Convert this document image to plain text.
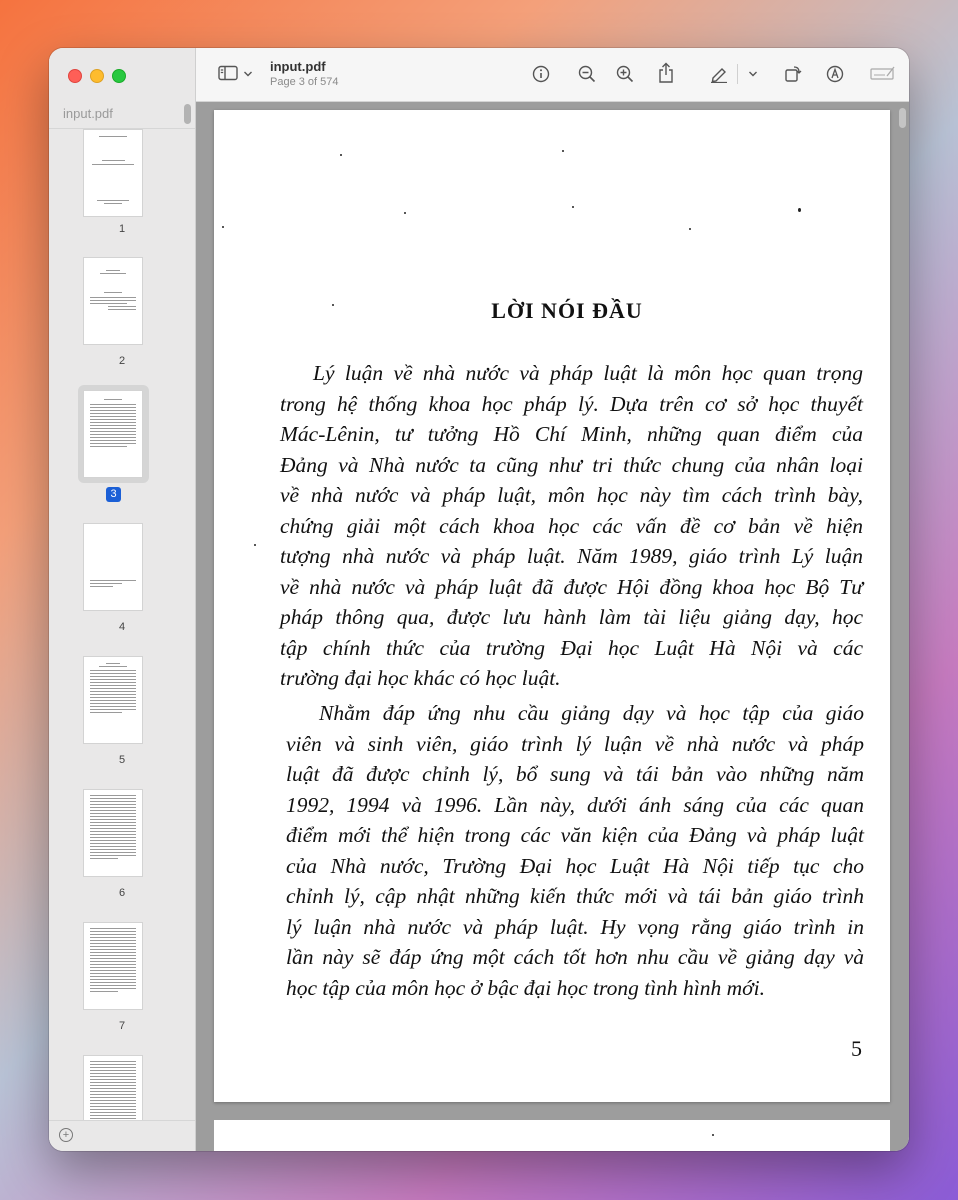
input.pdf
1
2
3
4
5
6
7
+
input.pdf
Page 3 of 574
LỜI NÓI ĐẦU
Lý luận về nhà nước và pháp luật là môn học quan trọng
trong hệ thống khoa học pháp lý. Dựa trên cơ sở học thuyết
Mác-Lênin, tư tưởng Hồ Chí Minh, những quan điểm của
Đảng và Nhà nước ta cũng như tri thức chung của nhân loại
về nhà nước và pháp luật, môn học này tìm cách trình bày,
chứng giải một cách khoa học các vấn đề cơ bản về hiện
tượng nhà nước và pháp luật. Năm 1989, giáo trình Lý luận
về nhà nước và pháp luật đã được Hội đồng khoa học Bộ Tư
pháp thông qua, được lưu hành làm tài liệu giảng dạy, học
tập chính thức của trường Đại học Luật Hà Nội và các
trường đại học khác có học luật.
Nhằm đáp ứng nhu cầu giảng dạy và học tập của giáo
viên và sinh viên, giáo trình lý luận về nhà nước và pháp
luật đã được chỉnh lý, bổ sung và tái bản vào những năm
1992, 1994 và 1996. Lần này, dưới ánh sáng của các quan
điểm mới thể hiện trong các văn kiện của Đảng và pháp luật
của Nhà nước, Trường Đại học Luật Hà Nội tiếp tục cho
chỉnh lý, cập nhật những kiến thức mới và tái bản giáo trình
lý luận nhà nước và pháp luật. Hy vọng rằng giáo trình in
lần này sẽ đáp ứng một cách tốt hơn nhu cầu về giảng dạy và
học tập của môn học ở bậc đại học trong tình hình mới.
5
